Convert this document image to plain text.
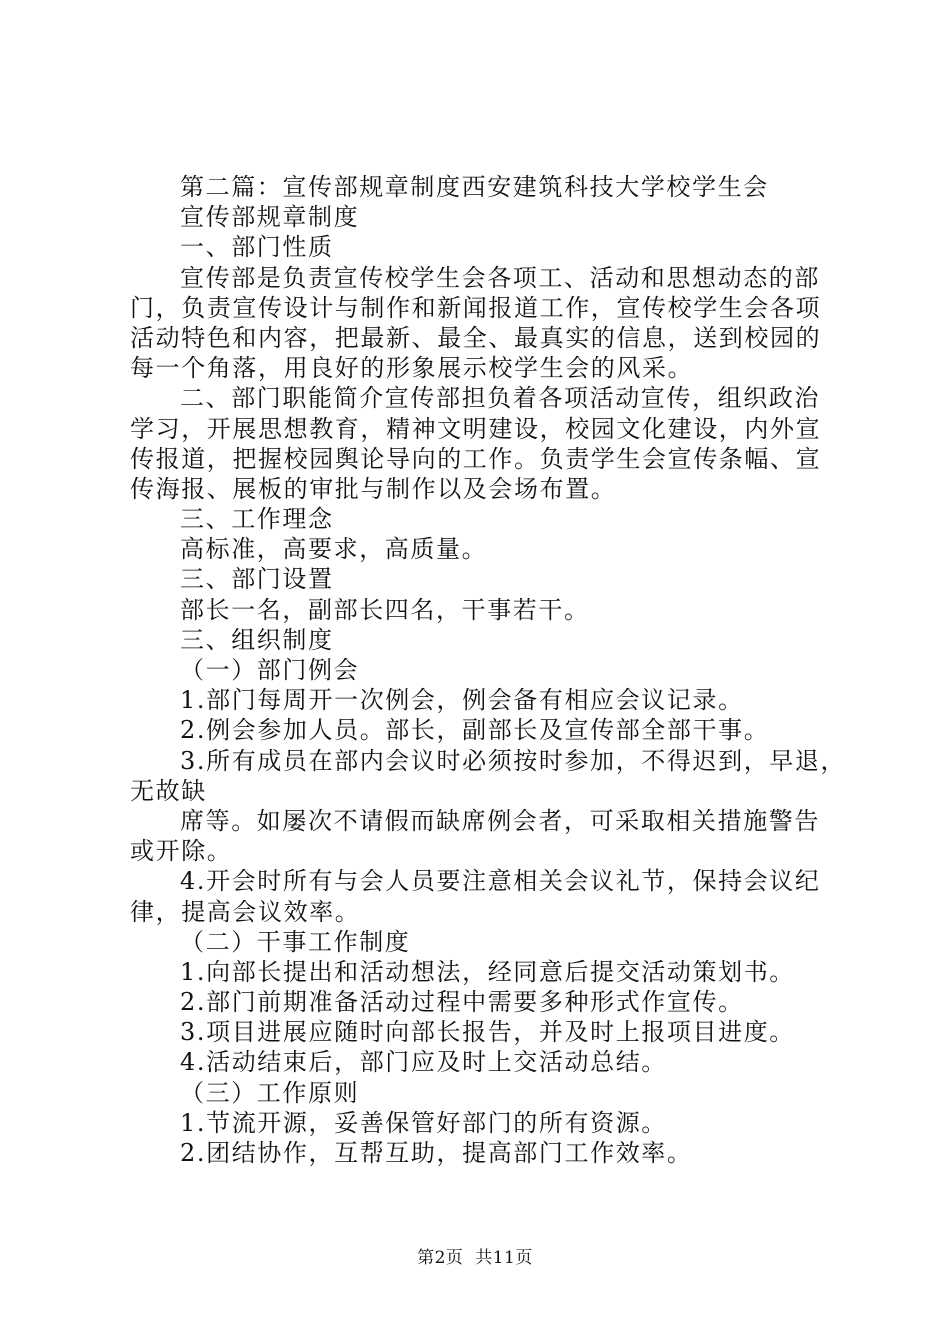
第二篇：宣传部规章制度西安建筑科技大学校学生会
宣传部规章制度
一、部门性质
宣传部是负责宣传校学生会各项工、活动和思想动态的部
门，负责宣传设计与制作和新闻报道工作，宣传校学生会各项
活动特色和内容，把最新、最全、最真实的信息，送到校园的
每一个角落，用良好的形象展示校学生会的风采。
二、部门职能简介宣传部担负着各项活动宣传，组织政治
学习，开展思想教育，精神文明建设，校园文化建设，内外宣
传报道，把握校园舆论导向的工作。负责学生会宣传条幅、宣
传海报、展板的审批与制作以及会场布置。
三、工作理念
高标准，高要求，高质量。
三、部门设置
部长一名，副部长四名，干事若干。
三、组织制度
（一）部门例会
1.部门每周开一次例会，例会备有相应会议记录。
2.例会参加人员。部长，副部长及宣传部全部干事。
3.所有成员在部内会议时必须按时参加，不得迟到，早退，
无故缺
席等。如屡次不请假而缺席例会者，可采取相关措施警告
或开除。
4.开会时所有与会人员要注意相关会议礼节，保持会议纪
律，提高会议效率。
（二）干事工作制度
1.向部长提出和活动想法，经同意后提交活动策划书。
2.部门前期准备活动过程中需要多种形式作宣传。
3.项目进展应随时向部长报告，并及时上报项目进度。
4.活动结束后，部门应及时上交活动总结。
（三）工作原则
1.节流开源，妥善保管好部门的所有资源。
2.团结协作，互帮互助，提高部门工作效率。
第2页  共11页
